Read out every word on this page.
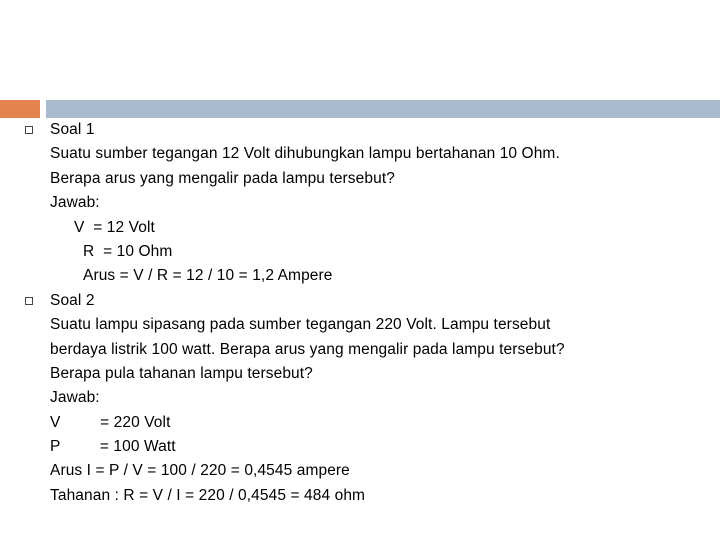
Soal 1
Suatu sumber tegangan 12 Volt dihubungkan lampu bertahanan 10 Ohm.
Berapa arus yang mengalir pada lampu tersebut?
Jawab:
V  = 12 Volt
R  = 10 Ohm
Arus = V / R = 12 / 10 = 1,2 Ampere
Soal 2
Suatu lampu sipasang pada sumber tegangan 220 Volt. Lampu tersebut
berdaya listrik 100 watt. Berapa arus yang mengalir pada lampu tersebut?
Berapa pula tahanan lampu tersebut?
Jawab:
V         = 220 Volt
P         = 100 Watt
Arus I = P / V = 100 / 220 = 0,4545 ampere
Tahanan : R = V / I = 220 / 0,4545 = 484 ohm
